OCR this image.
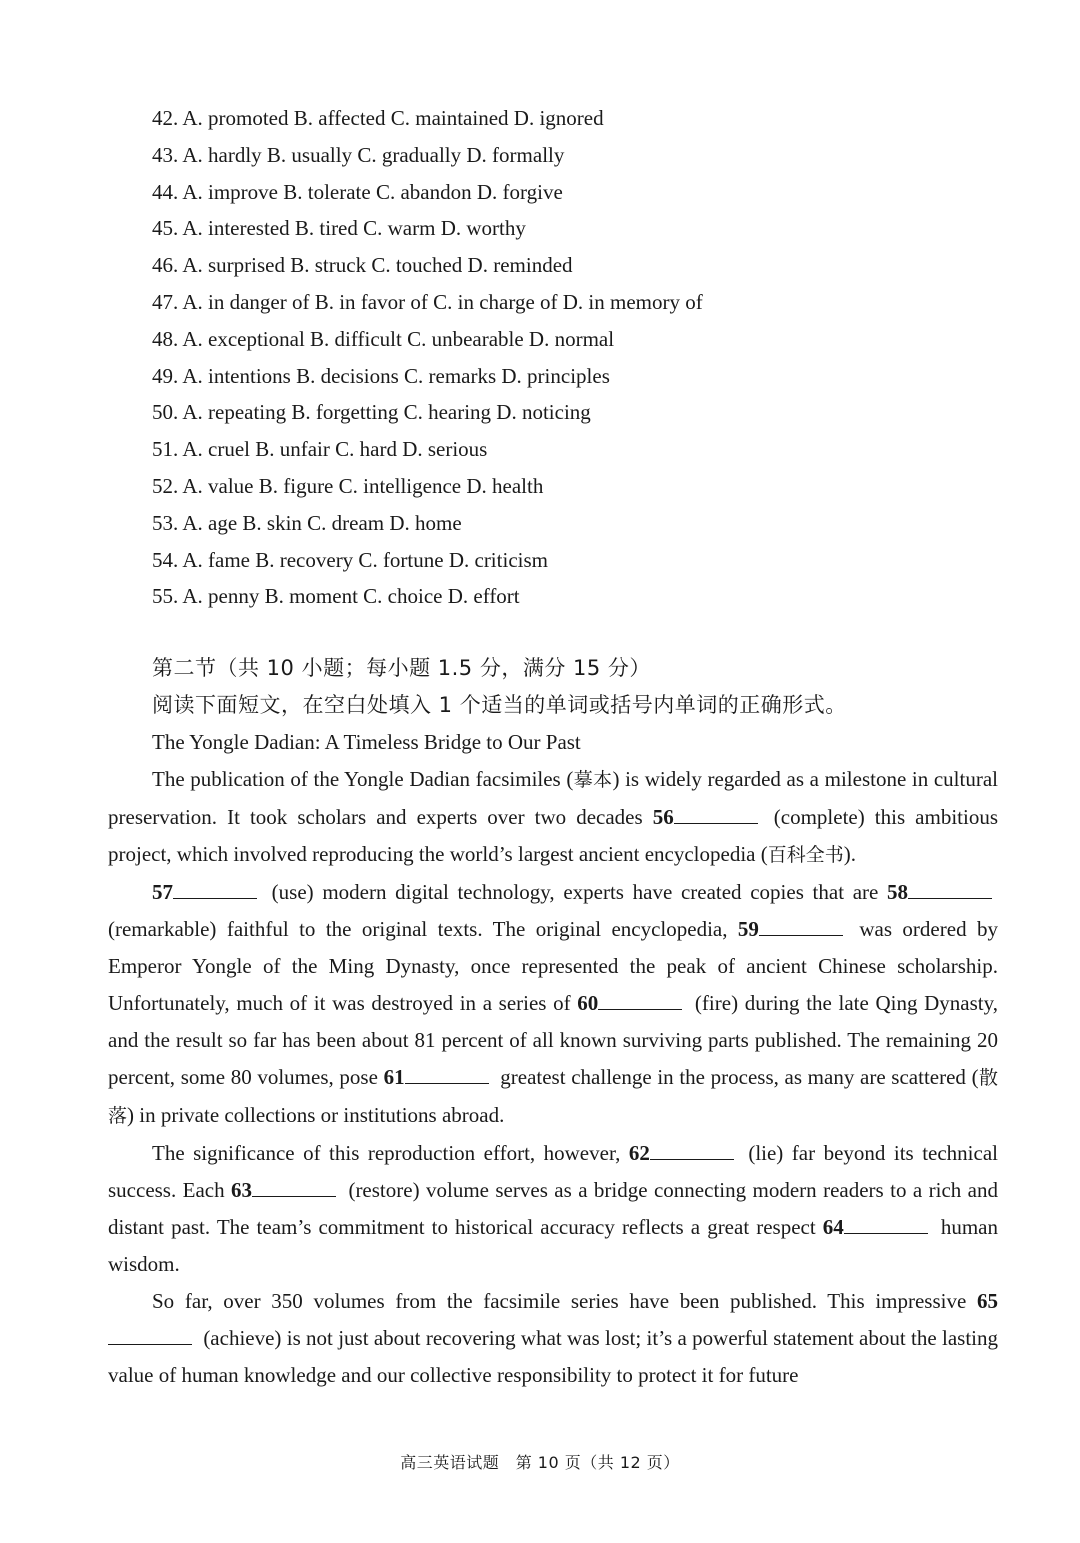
42. A. promoted B. affected C. maintained D. ignored
43. A. hardly B. usually C. gradually D. formally
44. A. improve B. tolerate C. abandon D. forgive
45. A. interested B. tired C. warm D. worthy
46. A. surprised B. struck C. touched D. reminded
47. A. in danger of B. in favor of C. in charge of D. in memory of
48. A. exceptional B. difficult C. unbearable D. normal
49. A. intentions B. decisions C. remarks D. principles
50. A. repeating B. forgetting C. hearing D. noticing
51. A. cruel B. unfair C. hard D. serious
52. A. value B. figure C. intelligence D. health
53. A. age B. skin C. dream D. home
54. A. fame B. recovery C. fortune D. criticism
55. A. penny B. moment C. choice D. effort
第二节（共 10 小题；每小题 1.5 分，满分 15 分）
阅读下面短文，在空白处填入 1 个适当的单词或括号内单词的正确形式。
The Yongle Dadian: A Timeless Bridge to Our Past

The publication of the Yongle Dadian facsimiles (摹本) is widely regarded as a milestone in cultural preservation. It took scholars and experts over two decades 56	(complete) this ambitious project, which involved reproducing the world’s largest ancient encyclopedia (百科全书).

57	(use) modern digital technology, experts have created copies that are 58 (remarkable) faithful to the original texts. The original encyclopedia, 59	was ordered by Emperor Yongle of the Ming Dynasty, once represented the peak of ancient Chinese scholarship. Unfortunately, much of it was destroyed in a series of 60	(fire) during the late Qing Dynasty, and the result so far has been about 81 percent of all known surviving parts published. The remaining 20 percent, some 80 volumes, pose 61	greatest challenge in the process, as many are scattered (散落) in private collections or institutions abroad.

The significance of this reproduction effort, however, 62	(lie) far beyond its technical success. Each 63	(restore) volume serves as a bridge connecting modern readers to a rich and distant past. The team’s commitment to historical accuracy reflects a great respect 64	human wisdom.

So far, over 350 volumes from the facsimile series have been published. This impressive 65 (achieve) is not just about recovering what was lost; it’s a powerful statement about the lasting value of human knowledge and our collective responsibility to protect it for future

高三英语试题　第 10 页（共 12 页）
